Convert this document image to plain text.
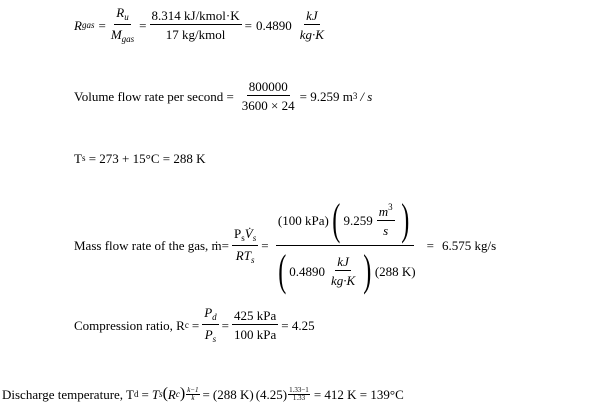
R gas = $\frac{R_u}{M_{gas}} = \frac{\text{8.314 kJ/kmol·K}}{\text{17 kg/kmol}} = 0.4890 \frac{kJ}{kg\cdot K}$
Volume flow rate per second = $\frac{800000}{3600 \times 24} = 9.259$ m 3 / s
T s = 273 + 15°C = 288 K
Mass flow rate of the gas, ṁ= $\frac{P_sV̇_s}{RT_s}$ =
(100 kPa) ( $9.259 \frac{m^3}{s}$ )
( $0.4890 \frac{kJ}{kg\cdot K}$ ) (288 K)
= 6.575 kg/s
Compression ratio, R $c = \frac{P_d}{P_s} = \frac{\text{425 kPa}}{\text{100 kPa}} = 4.25$
Discharge temperature, T d = T s ( R c ) $\frac{k-1}{k} = (288$ K) $(4.25) \frac{1.33-1}{1.33} = 412$ K = 139°C
